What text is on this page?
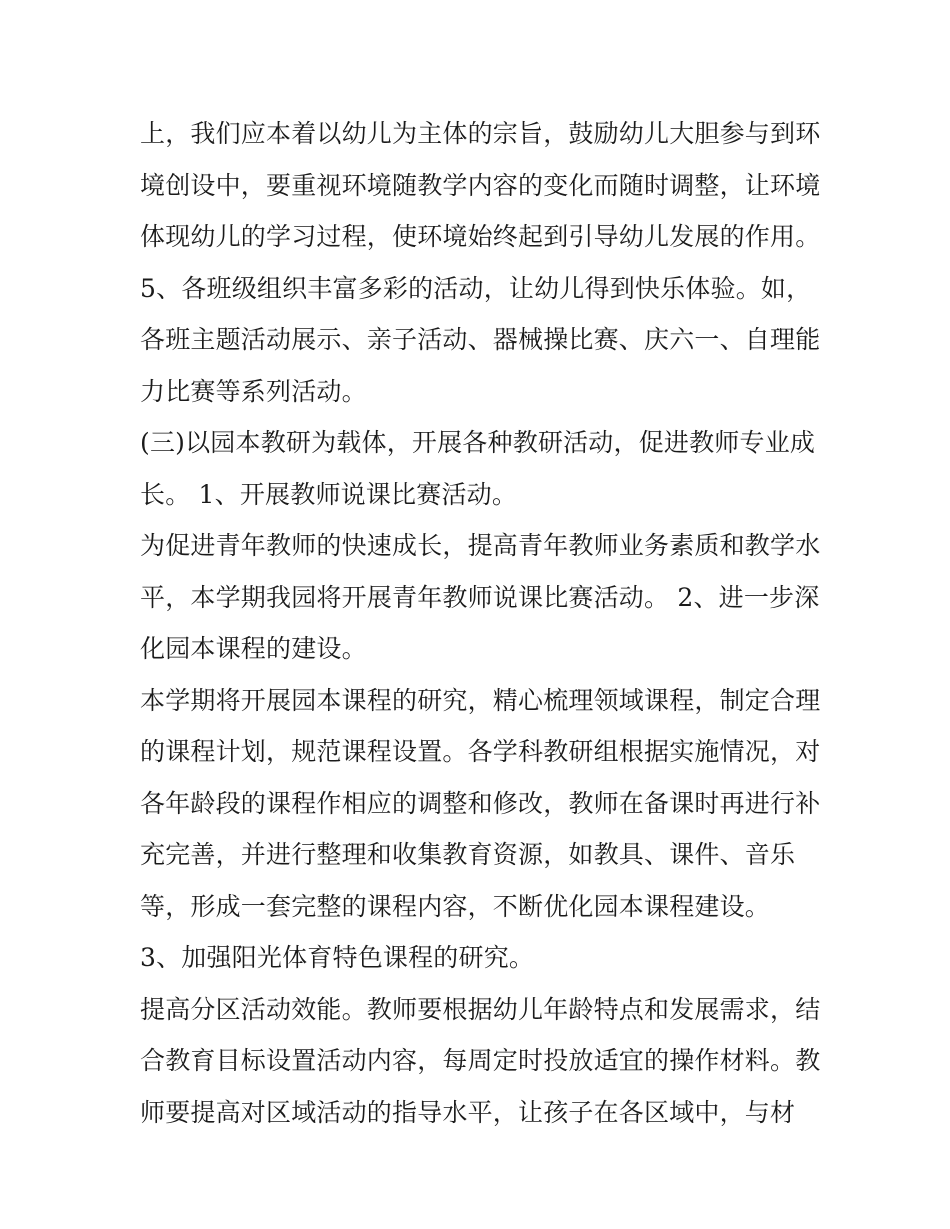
上，我们应本着以幼儿为主体的宗旨，鼓励幼儿大胆参与到环
境创设中，要重视环境随教学内容的变化而随时调整，让环境
体现幼儿的学习过程，使环境始终起到引导幼儿发展的作用。
5、各班级组织丰富多彩的活动，让幼儿得到快乐体验。如，
各班主题活动展示、亲子活动、器械操比赛、庆六一、自理能
力比赛等系列活动。
(三)以园本教研为载体，开展各种教研活动，促进教师专业成
长。 1、开展教师说课比赛活动。
为促进青年教师的快速成长，提高青年教师业务素质和教学水
平，本学期我园将开展青年教师说课比赛活动。 2、进一步深
化园本课程的建设。
本学期将开展园本课程的研究，精心梳理领域课程，制定合理
的课程计划，规范课程设置。各学科教研组根据实施情况，对
各年龄段的课程作相应的调整和修改，教师在备课时再进行补
充完善，并进行整理和收集教育资源，如教具、课件、音乐
等，形成一套完整的课程内容，不断优化园本课程建设。
3、加强阳光体育特色课程的研究。
提高分区活动效能。教师要根据幼儿年龄特点和发展需求，结
合教育目标设置活动内容，每周定时投放适宜的操作材料。教
师要提高对区域活动的指导水平，让孩子在各区域中，与材
